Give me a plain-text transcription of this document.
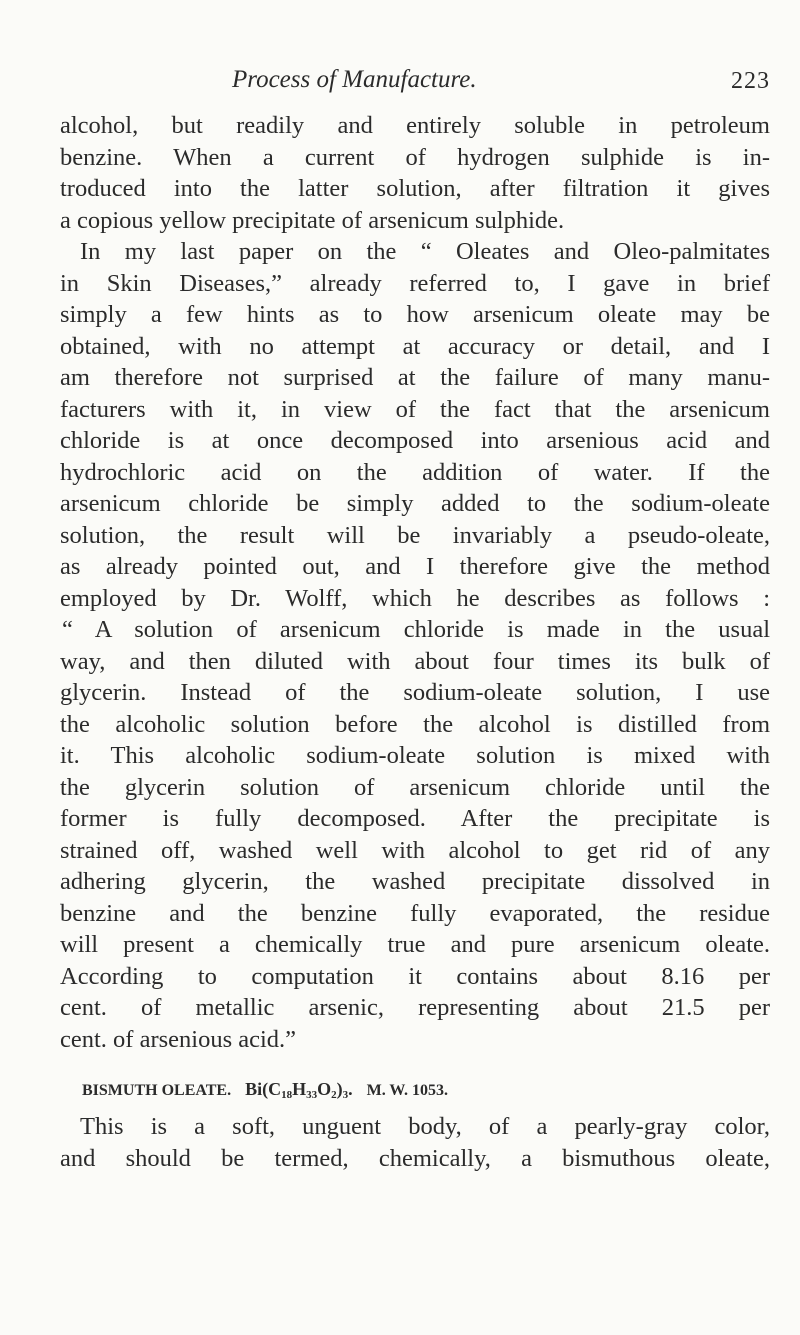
Process of Manufacture.	223
alcohol, but readily and entirely soluble in petroleum
benzine. When a current of hydrogen sulphide is in-
troduced into the latter solution, after filtration it gives
a copious yellow precipitate of arsenicum sulphide.
In my last paper on the “ Oleates and Oleo-palmitates
in Skin Diseases,” already referred to, I gave in brief
simply a few hints as to how arsenicum oleate may be
obtained, with no attempt at accuracy or detail, and I
am therefore not surprised at the failure of many manu-
facturers with it, in view of the fact that the arsenicum
chloride is at once decomposed into arsenious acid and
hydrochloric acid on the addition of water. If the
arsenicum chloride be simply added to the sodium-oleate
solution, the result will be invariably a pseudo-oleate,
as already pointed out, and I therefore give the method
employed by Dr. Wolff, which he describes as follows :
“ A solution of arsenicum chloride is made in the usual
way, and then diluted with about four times its bulk of
glycerin. Instead of the sodium-oleate solution, I use
the alcoholic solution before the alcohol is distilled from
it. This alcoholic sodium-oleate solution is mixed with
the glycerin solution of arsenicum chloride until the
former is fully decomposed. After the precipitate is
strained off, washed well with alcohol to get rid of any
adhering glycerin, the washed precipitate dissolved in
benzine and the benzine fully evaporated, the residue
will present a chemically true and pure arsenicum oleate.
According to computation it contains about 8.16 per
cent. of metallic arsenic, representing about 21.5 per
cent. of arsenious acid.”
BISMUTH OLEATE. $Bi(C_{18}H_{33}O_2)_3$. M. W. 1053.
This is a soft, unguent body, of a pearly-gray color,
and should be termed, chemically, a bismuthous oleate,
